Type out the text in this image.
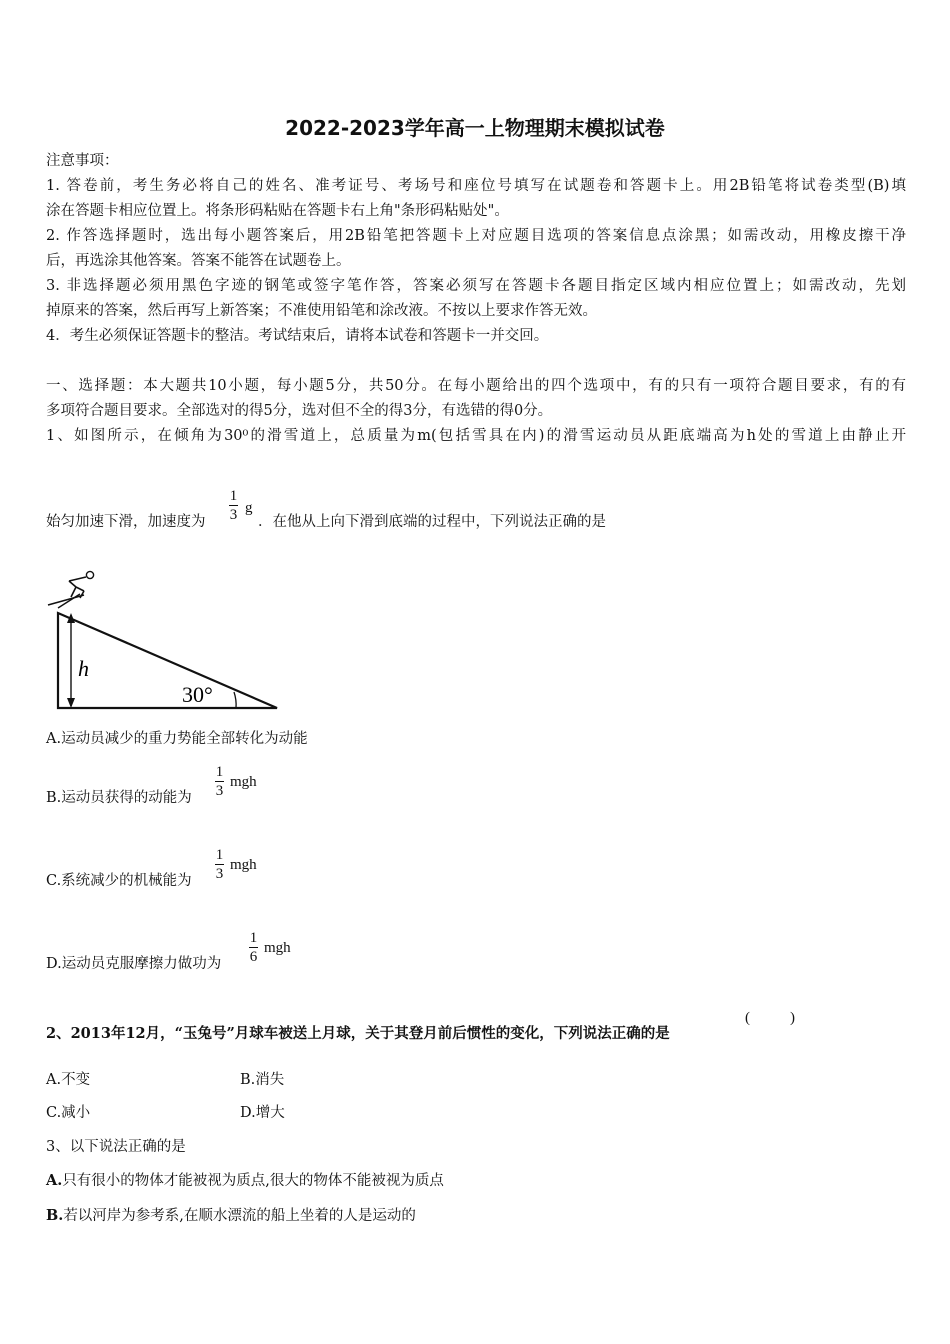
2022-2023学年高一上物理期末模拟试卷
注意事项：
1. 答卷前，考生务必将自己的姓名、准考证号、考场号和座位号填写在试题卷和答题卡上。用2B铅笔将试卷类型(B)填
涂在答题卡相应位置上。将条形码粘贴在答题卡右上角"条形码粘贴处"。
2. 作答选择题时，选出每小题答案后，用2B铅笔把答题卡上对应题目选项的答案信息点涂黑；如需改动，用橡皮擦干净
后，再选涂其他答案。答案不能答在试题卷上。
3. 非选择题必须用黑色字迹的钢笔或签字笔作答，答案必须写在答题卡各题目指定区域内相应位置上；如需改动，先划
掉原来的答案，然后再写上新答案；不准使用铅笔和涂改液。不按以上要求作答无效。
4．考生必须保证答题卡的整洁。考试结束后，请将本试卷和答题卡一并交回。
一、选择题：本大题共10小题，每小题5分，共50分。在每小题给出的四个选项中，有的只有一项符合题目要求，有的有
多项符合题目要求。全部选对的得5分，选对但不全的得3分，有选错的得0分。
1、如图所示，在倾角为30⁰的滑雪道上，总质量为m(包括雪具在内)的滑雪运动员从距底端高为h处的雪道上由静止开
始匀加速下滑，加速度为
1
3 g
．在他从上向下滑到底端的过程中，下列说法正确的是
h
30°
A.运动员减少的重力势能全部转化为动能
B.运动员获得的动能为
1
3
mgh
C.系统减少的机械能为
1
3
mgh
D.运动员克服摩擦力做功为
1
6
mgh
2、2013年12月，“玉兔号”月球车被送上月球，关于其登月前后惯性的变化，下列说法正确的是
(	)
A.不变	B.消失
C.减小	D.增大
3、以下说法正确的是
A.只有很小的物体才能被视为质点,很大的物体不能被视为质点
B.若以河岸为参考系,在顺水漂流的船上坐着的人是运动的
